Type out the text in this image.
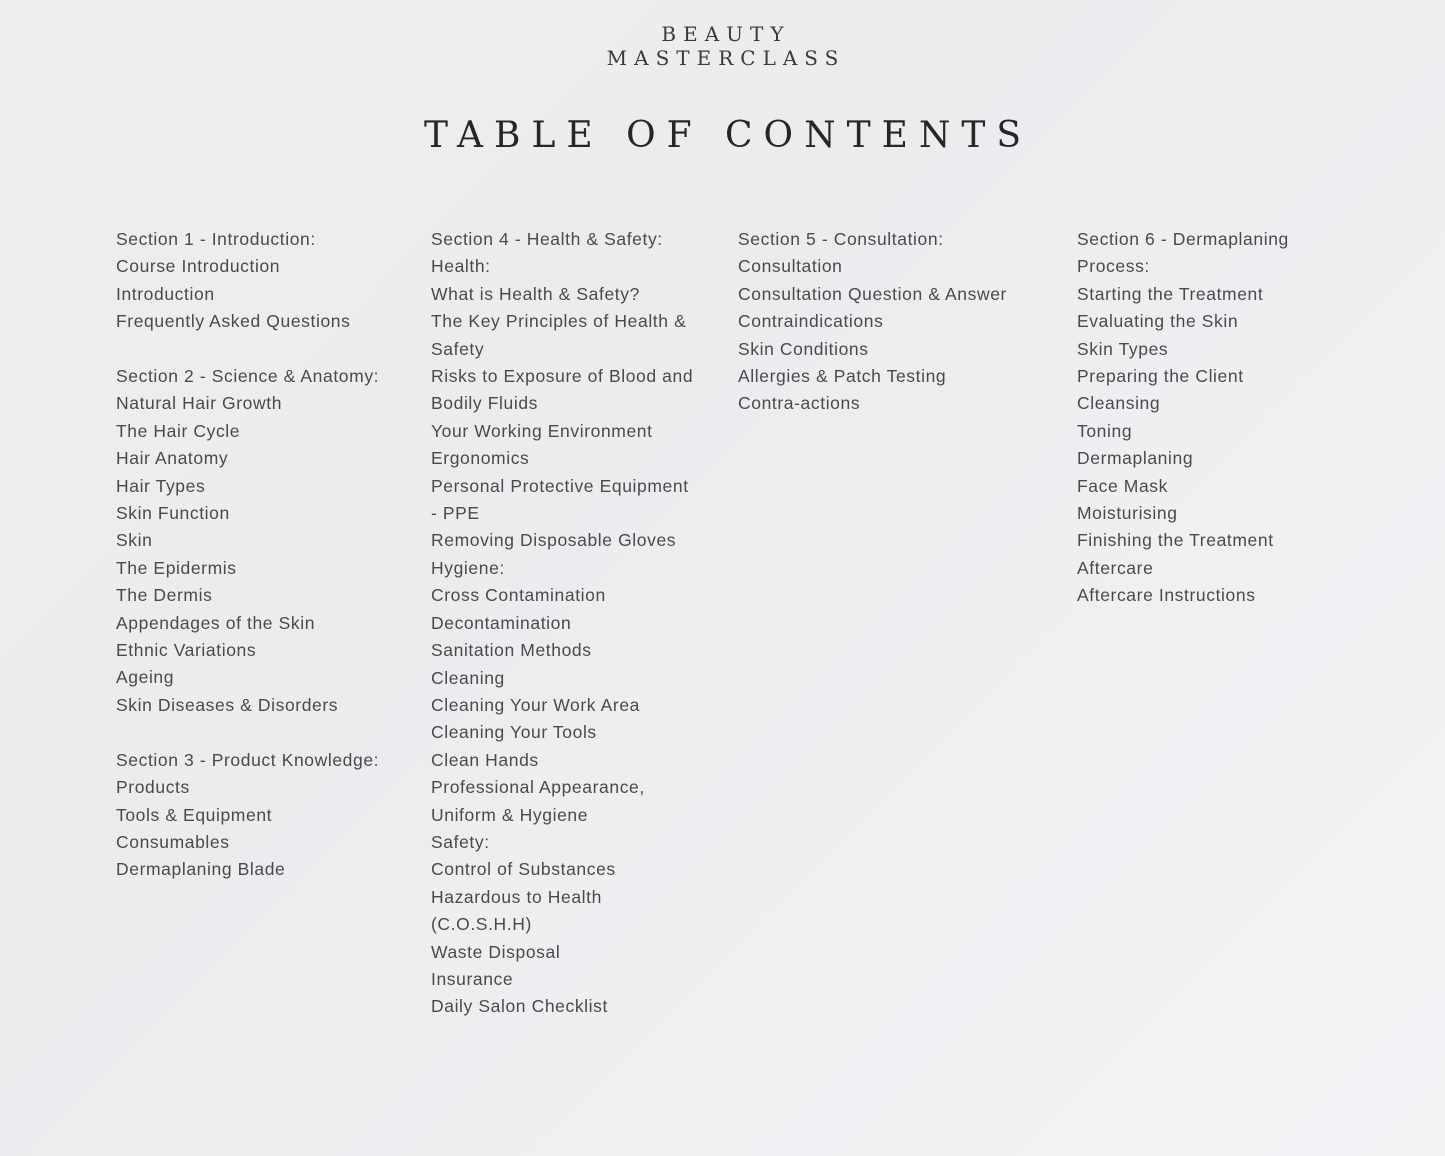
BEAUTY
MASTERCLASS
TABLE OF CONTENTS
Section 1 - Introduction:
Course Introduction
Introduction
Frequently Asked Questions
Section 2 - Science & Anatomy:
Natural Hair Growth
The Hair Cycle
Hair Anatomy
Hair Types
Skin Function
Skin
The Epidermis
The Dermis
Appendages of the Skin
Ethnic Variations
Ageing
Skin Diseases & Disorders
Section 3 - Product Knowledge:
Products
Tools & Equipment
Consumables
Dermaplaning Blade
Section 4 - Health & Safety:
Health:
What is Health & Safety?
The Key Principles of Health &
Safety
Risks to Exposure of Blood and
Bodily Fluids
Your Working Environment
Ergonomics
Personal Protective Equipment
- PPE
Removing Disposable Gloves
Hygiene:
Cross Contamination
Decontamination
Sanitation Methods
Cleaning
Cleaning Your Work Area
Cleaning Your Tools
Clean Hands
Professional Appearance,
Uniform & Hygiene
Safety:
Control of Substances
Hazardous to Health
(C.O.S.H.H)
Waste Disposal
Insurance
Daily Salon Checklist
Section 5 - Consultation:
Consultation
Consultation Question & Answer
Contraindications
Skin Conditions
Allergies & Patch Testing
Contra-actions
Section 6 - Dermaplaning
Process:
Starting the Treatment
Evaluating the Skin
Skin Types
Preparing the Client
Cleansing
Toning
Dermaplaning
Face Mask
Moisturising
Finishing the Treatment
Aftercare
Aftercare Instructions
